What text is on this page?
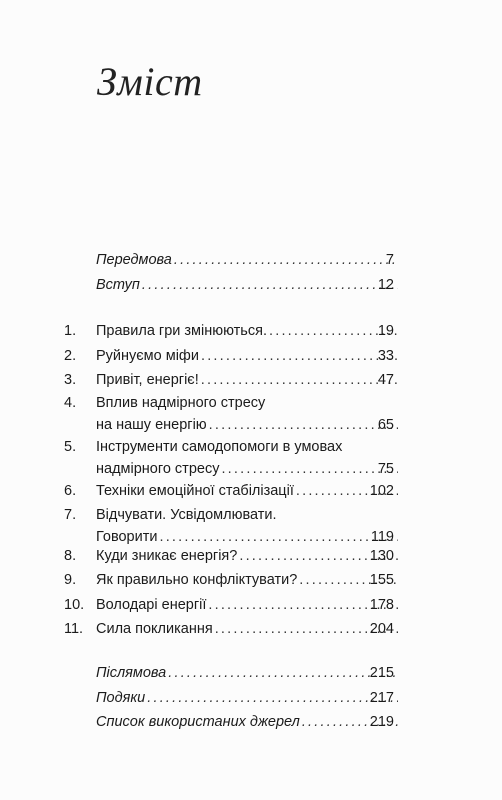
Зміст
Передмова .....	7
Вступ .....	12
1. Правила гри змінюються. .....	19
2. Руйнуємо міфи .....	33
3. Привіт, енергіє! .....	47
4. Вплив надмірного стресу
на нашу енергію .....	65
5. Інструменти самодопомоги в умовах
надмірного стресу .....	75
6. Техніки емоційної стабілізації .....	102
7. Відчувати. Усвідомлювати.
Говорити .....	119
8. Куди зникає енергія? .....	130
9. Як правильно конфліктувати? .....	155
10. Володарі енергії .....	178
11. Сила покликання .....	204
Післямова .....	215
Подяки .....	217
Список використаних джерел .....	219
